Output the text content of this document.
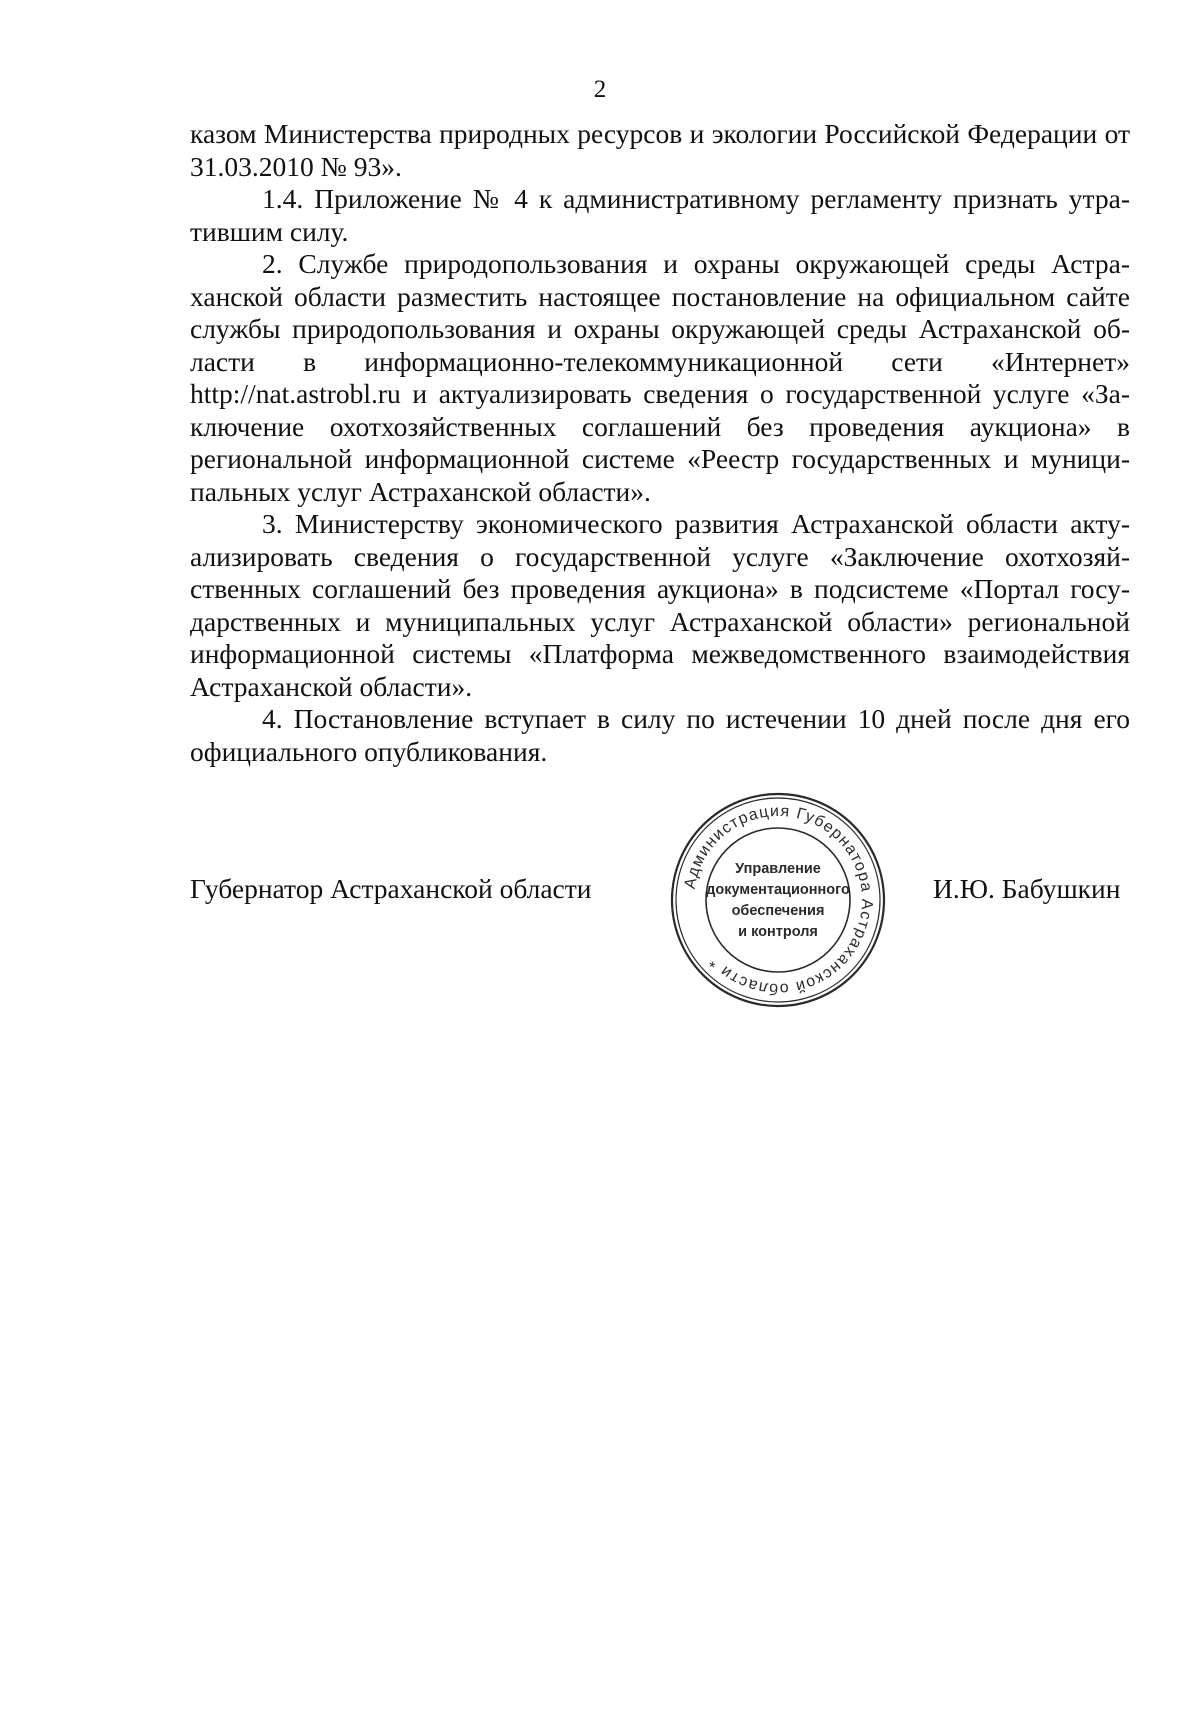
2

казом Министерства природных ресурсов и экологии Российской Федерации от 31.03.2010 № 93».

1.4. Приложение № 4 к административному регламенту признать утратившим силу.

2. Службе природопользования и охраны окружающей среды Астраханской области разместить настоящее постановление на официальном сайте службы природопользования и охраны окружающей среды Астраханской области в информационно-телекоммуникационной сети «Интернет» http://nat.astrobl.ru и актуализировать сведения о государственной услуге «Заключение охотхозяйственных соглашений без проведения аукциона» в региональной информационной системе «Реестр государственных и муниципальных услуг Астраханской области».

3. Министерству экономического развития Астраханской области актуализировать сведения о государственной услуге «Заключение охотхозяйственных соглашений без проведения аукциона» в подсистеме «Портал государственных и муниципальных услуг Астраханской области» региональной информационной системы «Платформа межведомственного взаимодействия Астраханской области».

4. Постановление вступает в силу по истечении 10 дней после дня его официального опубликования.

Губернатор Астраханской области	Администрация Губернатора Астраханской области *
Управление
документационного
обеспечения
и контроля
И.Ю. Бабушкин
